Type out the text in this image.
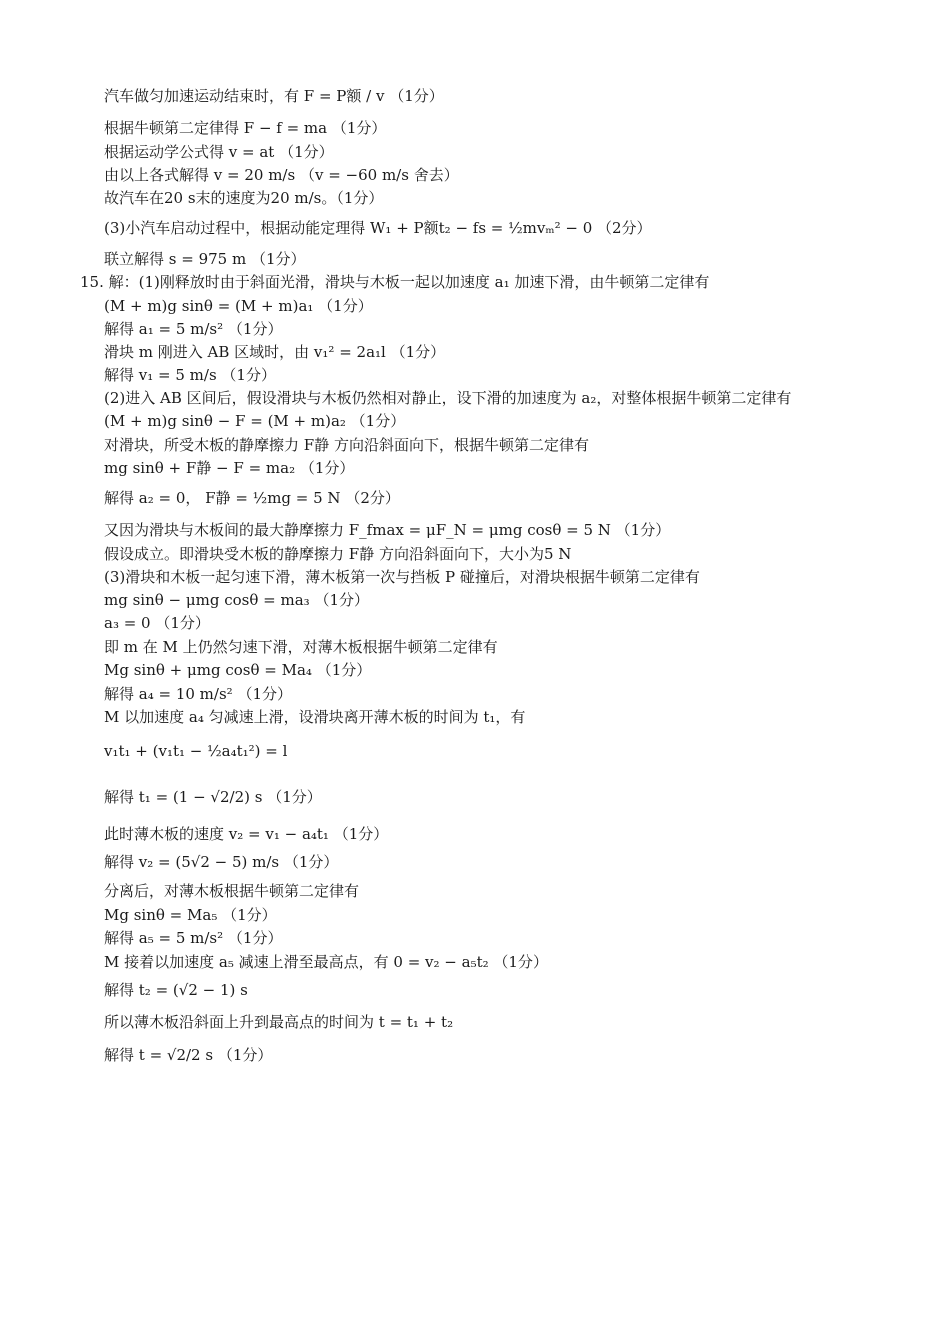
汽车做匀加速运动结束时，有 F = P额 / v （1分）
根据牛顿第二定律得 F − f = ma （1分）
根据运动学公式得 v = at （1分）
由以上各式解得 v = 20 m/s （v = −60 m/s 舍去）
故汽车在20 s末的速度为20 m/s。（1分）
(3)小汽车启动过程中，根据动能定理得 W₁ + P额t₂ − fs = ½mvₘ² − 0 （2分）
联立解得 s = 975 m （1分）
15. 解：(1)刚释放时由于斜面光滑，滑块与木板一起以加速度 a₁ 加速下滑，由牛顿第二定律有
(M + m)g sinθ = (M + m)a₁ （1分）
解得 a₁ = 5 m/s² （1分）
滑块 m 刚进入 AB 区域时，由 v₁² = 2a₁l （1分）
解得 v₁ = 5 m/s （1分）
(2)进入 AB 区间后，假设滑块与木板仍然相对静止，设下滑的加速度为 a₂，对整体根据牛顿第二定律有
(M + m)g sinθ − F = (M + m)a₂ （1分）
对滑块，所受木板的静摩擦力 F静 方向沿斜面向下，根据牛顿第二定律有
mg sinθ + F静 − F = ma₂ （1分）
解得 a₂ = 0， F静 = ½mg = 5 N （2分）
又因为滑块与木板间的最大静摩擦力 F_fmax = μF_N = μmg cosθ = 5 N （1分）
假设成立。即滑块受木板的静摩擦力 F静 方向沿斜面向下，大小为5 N
(3)滑块和木板一起匀速下滑，薄木板第一次与挡板 P 碰撞后，对滑块根据牛顿第二定律有
mg sinθ − μmg cosθ = ma₃ （1分）
a₃ = 0 （1分）
即 m 在 M 上仍然匀速下滑，对薄木板根据牛顿第二定律有
Mg sinθ + μmg cosθ = Ma₄ （1分）
解得 a₄ = 10 m/s² （1分）
M 以加速度 a₄ 匀减速上滑，设滑块离开薄木板的时间为 t₁，有
v₁t₁ + (v₁t₁ − ½a₄t₁²) = l
解得 t₁ = (1 − √2/2) s （1分）
此时薄木板的速度 v₂ = v₁ − a₄t₁ （1分）
解得 v₂ = (5√2 − 5) m/s （1分）
分离后，对薄木板根据牛顿第二定律有
Mg sinθ = Ma₅ （1分）
解得 a₅ = 5 m/s² （1分）
M 接着以加速度 a₅ 减速上滑至最高点，有 0 = v₂ − a₅t₂ （1分）
解得 t₂ = (√2 − 1) s
所以薄木板沿斜面上升到最高点的时间为 t = t₁ + t₂
解得 t = √2/2 s （1分）
